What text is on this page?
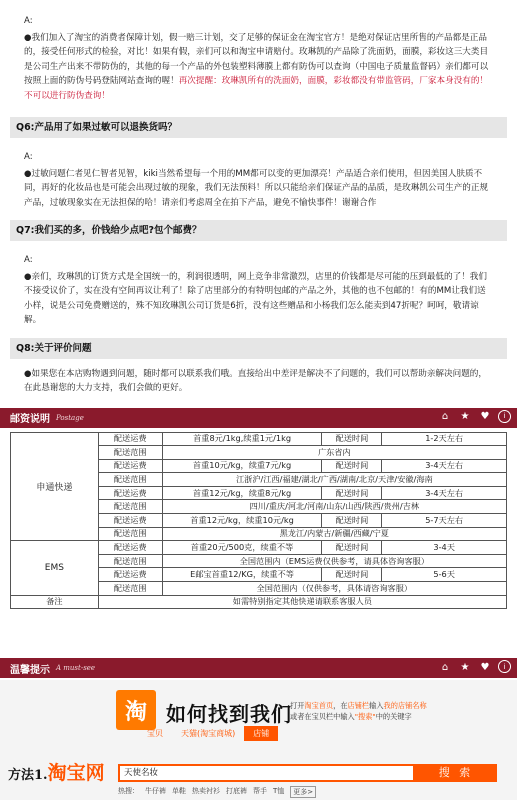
A:
●我们加入了淘宝的消费者保障计划，假一赔三计划，交了足够的保证金在淘宝官方！是绝对保证店里所售的产品都是正品的，接受任何形式的检验，对比！如果有假，亲们可以和淘宝申请赔付。玫琳凯的产品除了洗面奶，面膜，彩妆这三大类目是公司生产出来不带防伪的，其他的每一个产品的外包装塑料薄膜上都有防伪可以查询（中国电子质量监督码）亲们都可以按照上面的防伪号码登陆网站查询的喔！再次提醒：玫琳凯所有的洗面奶，面膜，彩妆都没有带监管码，厂家本身没有的！不可以进行防伪查询！
Q6:产品用了如果过敏可以退换货吗？
A:
●过敏问题仁者见仁智者见智，kiki当然希望每一个用的MM都可以变的更加漂亮！产品适合亲们使用，但因美国人肤质不同，再好的化妆品也是可能会出现过敏的现象，我们无法预料！所以只能给亲们保证产品的品质，是玫琳凯公司生产的正规产品，过敏现象实在无法担保的哈！请亲们考虑周全在拍下产品，避免不愉快事件！谢谢合作
Q7:我们买的多，价钱给少点吧?包个邮费？
A:
●亲们，玫琳凯的订货方式是全国统一的，利润很透明，网上竞争非常激烈，店里的价钱都是尽可能的压到最低的了！我们不接受议价了，实在没有空间再议让利了！除了店里部分的有特明包邮的产品之外，其他的也不包邮的！有的MM让我们送小样，说是公司免费赠送的，殊不知玫琳凯公司订货是6折，没有这些赠品和小杨我们怎么能卖到47折呢？呵呵，敬请谅解。
Q8:关于评价问题
●如果您在本店购物遇到问题，随时都可以联系我们哦。直接给出中差评是解决不了问题的，我们可以帮助亲解决问题的，在此恳谢您的大力支持，我们会做的更好。
邮资说明 Postage	⌂	★ ♥	i
申通快递	配送运费	首重8元/1kg,续重1元/1kg	配送时间	1-2天左右
	配送范围	广东省内		
	配送运费	首重10元/kg，续重7元/kg	配送时间	3-4天左右
	配送范围	江浙沪/江西/福建/湖北/广西/湖南/北京/天津/安徽/海南		
	配送运费	首重12元/kg，续重8元/kg	配送时间	3-4天左右
	配送范围	四川/重庆/河北/河南/山东/山西/陕西/贵州/吉林		
	配送运费	首重12元/kg，续重10元/kg	配送时间	5-7天左右
	配送范围	黑龙江/内蒙古/新疆/西藏/宁夏		
EMS	配送运费	首重20元/500克，续重不等	配送时间	3-4天
	配送范围	全国范围内（EMS运费仅供参考，请具体咨询客服）		
	配送运费	E邮宝首重12/KG，续重不等	配送时间	5-6天
	配送范围	全国范围内（仅供参考，具体请咨询客服）		
备注	如需特别指定其他快递请联系客服人员			
温馨提示 A must-see	⌂	★ ♥	i
淘 如何找到我们
打开淘宝首页，在店铺栏输入我的店铺名称
或者在宝贝栏中输入"搜索"中的关键字
宝贝	天猫(淘宝商城)	店铺
方法1.淘宝网	天使名妆	搜 索
热搜： 牛仔裤 单鞋 热卖衬衫 打底裤 帮手 T恤	更多>
